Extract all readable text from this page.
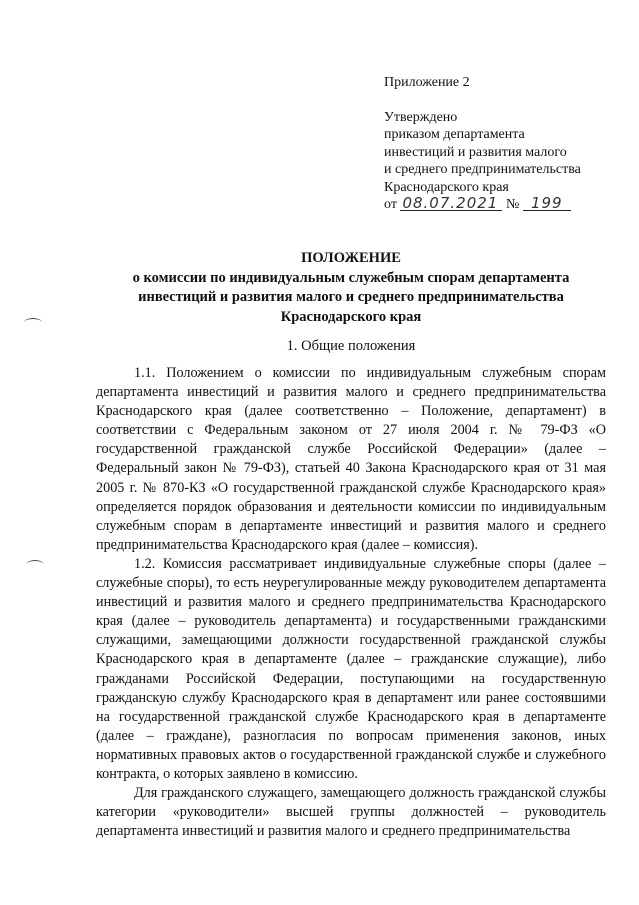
Приложение 2
Утверждено
приказом департамента
инвестиций и развития малого
и среднего предпринимательства
Краснодарского края
от 08.07.2021 № 199
ПОЛОЖЕНИЕ
о комиссии по индивидуальным служебным спорам департамента
инвестиций и развития малого и среднего предпринимательства
Краснодарского края
1. Общие положения

1.1. Положением о комиссии по индивидуальным служебным спорам департамента инвестиций и развития малого и среднего предпринимательства Краснодарского края (далее соответственно – Положение, департамент) в соответствии с Федеральным законом от 27 июля 2004 г. № 79-ФЗ «О государственной гражданской службе Российской Федерации» (далее – Федеральный закон № 79-ФЗ), статьей 40 Закона Краснодарского края от 31 мая 2005 г. № 870-КЗ «О государственной гражданской службе Краснодарского края» определяется порядок образования и деятельности комиссии по индивидуальным служебным спорам в департаменте инвестиций и развития малого и среднего предпринимательства Краснодарского края (далее – комиссия).

1.2. Комиссия рассматривает индивидуальные служебные споры (далее – служебные споры), то есть неурегулированные между руководителем департамента инвестиций и развития малого и среднего предпринимательства Краснодарского края (далее – руководитель департамента) и государственными гражданскими служащими, замещающими должности государственной гражданской службы Краснодарского края в департаменте (далее – гражданские служащие), либо гражданами Российской Федерации, поступающими на государственную гражданскую службу Краснодарского края в департамент или ранее состоявшими на государственной гражданской службе Краснодарского края в департаменте (далее – граждане), разногласия по вопросам применения законов, иных нормативных правовых актов о государственной гражданской службе и служебного контракта, о которых заявлено в комиссию.

Для гражданского служащего, замещающего должность гражданской службы категории «руководители» высшей группы должностей – руководитель департамента инвестиций и развития малого и среднего предпринимательства
